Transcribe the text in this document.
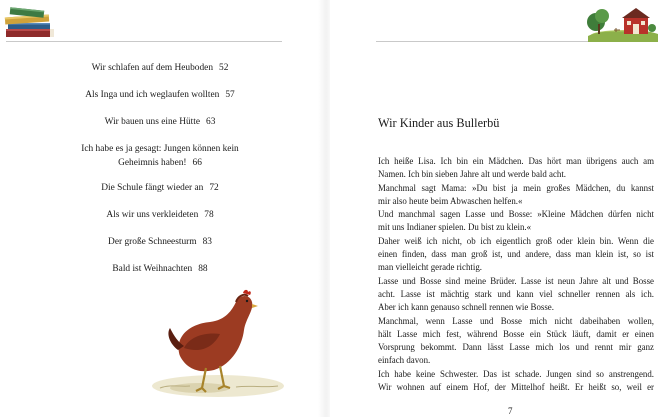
Wir schlafen auf dem Heuboden 52
Als Inga und ich weglaufen wollten 57
Wir bauen uns eine Hütte 63
Ich habe es ja gesagt: Jungen können kein
Geheimnis haben! 66
Die Schule fängt wieder an 72
Als wir uns verkleideten 78
Der große Schneesturm 83
Bald ist Weihnachten 88
Wir Kinder aus Bullerbü
Ich heiße Lisa. Ich bin ein Mädchen. Das hört man übrigens auch am
Namen. Ich bin sieben Jahre alt und werde bald acht.
Manchmal sagt Mama: »Du bist ja mein großes Mädchen, du kannst
mir also heute beim Abwaschen helfen.«
Und manchmal sagen Lasse und Bosse: »Kleine Mädchen dürfen nicht
mit uns Indianer spielen. Du bist zu klein.«
Daher weiß ich nicht, ob ich eigentlich groß oder klein bin. Wenn die
einen finden, dass man groß ist, und andere, dass man klein ist, so ist
man vielleicht gerade richtig.
Lasse und Bosse sind meine Brüder. Lasse ist neun Jahre alt und Bosse
acht. Lasse ist mächtig stark und kann viel schneller rennen als ich.
Aber ich kann genauso schnell rennen wie Bosse.
Manchmal, wenn Lasse und Bosse mich nicht dabeihaben wollen,
hält Lasse mich fest, während Bosse ein Stück läuft, damit er einen
Vorsprung bekommt. Dann lässt Lasse mich los und rennt mir ganz
einfach davon.
Ich habe keine Schwester. Das ist schade. Jungen sind so anstrengend.
Wir wohnen auf einem Hof, der Mittelhof heißt. Er heißt so, weil er
7
